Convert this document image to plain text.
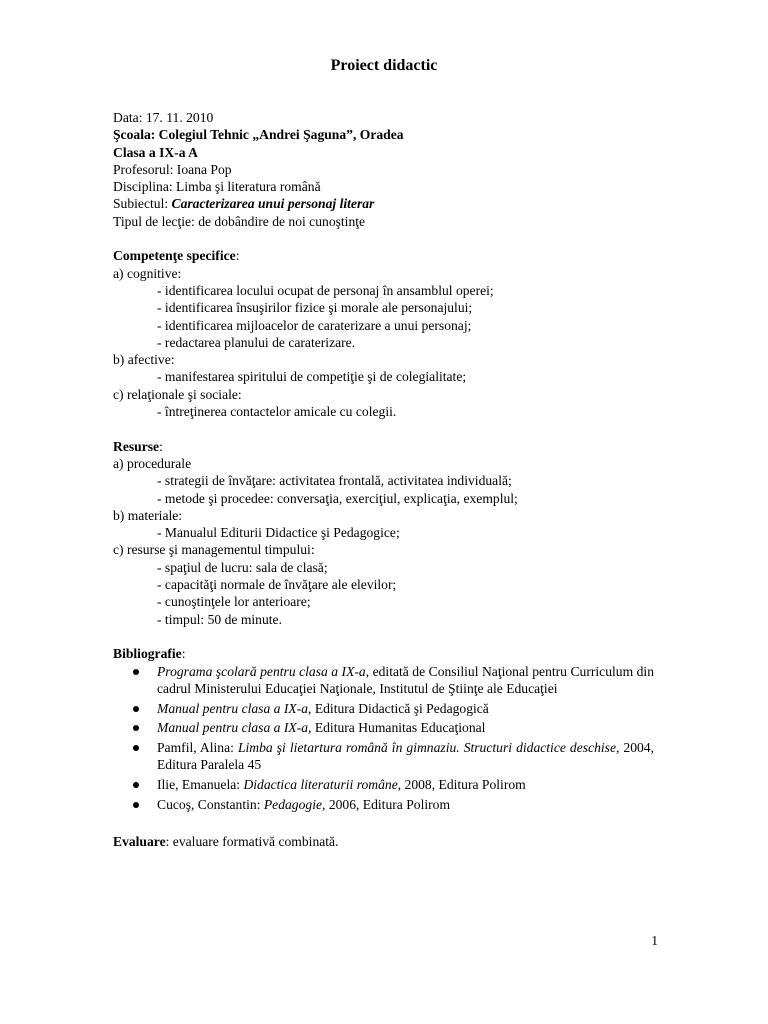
Proiect didactic

Data: 17. 11. 2010

Şcoala: Colegiul Tehnic „Andrei Şaguna”, Oradea

Clasa a IX-a A

Profesorul: Ioana Pop

Disciplina: Limba şi literatura română

Subiectul: Caracterizarea unui personaj literar

Tipul de lecţie: de dobândire de noi cunoştinţe

Competenţe specifice:

a) cognitive:

- identificarea locului ocupat de personaj în ansamblul operei;

- identificarea însuşirilor fizice şi morale ale personajului;

- identificarea mijloacelor de caraterizare a unui personaj;

- redactarea planului de caraterizare.

b) afective:

- manifestarea spiritului de competiţie şi de colegialitate;

c) relaţionale şi sociale:

- întreţinerea contactelor amicale cu colegii.

Resurse:

a) procedurale

- strategii de învăţare: activitatea frontală, activitatea individuală;

- metode şi procedee: conversaţia, exerciţiul, explicaţia, exemplul;

b) materiale:

- Manualul Editurii Didactice şi Pedagogice;

c) resurse şi managementul timpului:

- spaţiul de lucru: sala de clasă;

- capacităţi normale de învăţare ale elevilor;

- cunoştinţele lor anterioare;

- timpul: 50 de minute.

Bibliografie:

Programa şcolară pentru clasa a IX-a, editată de Consiliul Naţional pentru Curriculum din cadrul Ministerului Educaţiei Naţionale, Institutul de Ştiinţe ale Educaţiei
Manual pentru clasa a IX-a, Editura Didactică şi Pedagogică
Manual pentru clasa a IX-a, Editura Humanitas Educaţional
Pamfil, Alina: Limba şi lietartura română în gimnaziu. Structuri didactice deschise, 2004, Editura Paralela 45
Ilie, Emanuela: Didactica literaturii române, 2008, Editura Polirom
Cucoş, Constantin: Pedagogie, 2006, Editura Polirom

Evaluare: evaluare formativă combinată.

1
